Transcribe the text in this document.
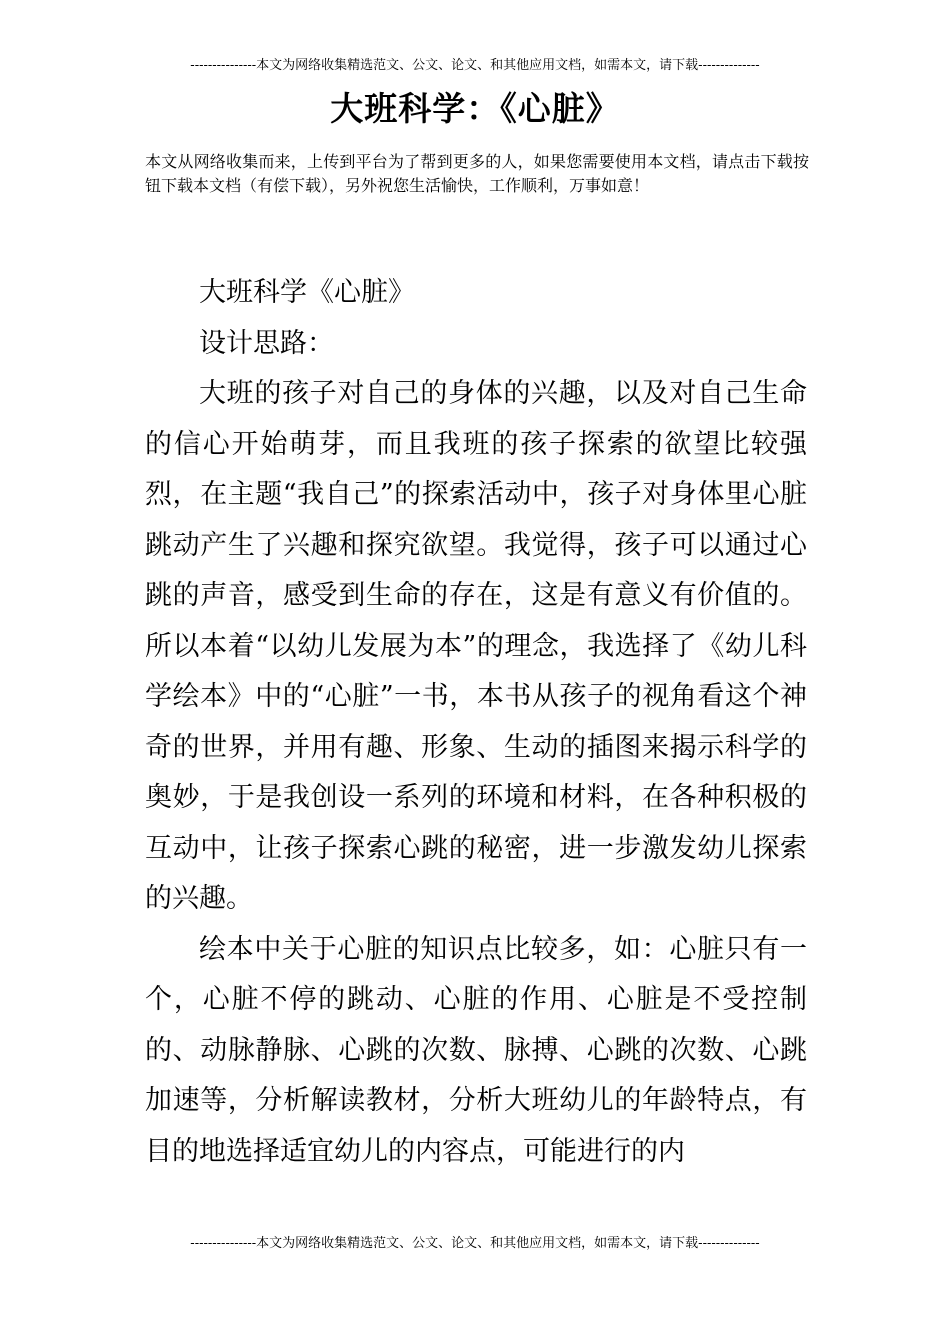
---------------本文为网络收集精选范文、公文、论文、和其他应用文档，如需本文，请下载--------------
大班科学：《心脏》
本文从网络收集而来，上传到平台为了帮到更多的人，如果您需要使用本文档，请点击下载按钮下载本文档（有偿下载），另外祝您生活愉快，工作顺利，万事如意！

大班科学《心脏》

设计思路：

大班的孩子对自己的身体的兴趣，以及对自己生命的信心开始萌芽，而且我班的孩子探索的欲望比较强烈，在主题“我自己”的探索活动中，孩子对身体里心脏跳动产生了兴趣和探究欲望。我觉得，孩子可以通过心跳的声音，感受到生命的存在，这是有意义有价值的。所以本着“以幼儿发展为本”的理念，我选择了《幼儿科学绘本》中的“心脏”一书，本书从孩子的视角看这个神奇的世界，并用有趣、形象、生动的插图来揭示科学的奥妙，于是我创设一系列的环境和材料，在各种积极的互动中，让孩子探索心跳的秘密，进一步激发幼儿探索的兴趣。

绘本中关于心脏的知识点比较多，如：心脏只有一个，心脏不停的跳动、心脏的作用、心脏是不受控制的、动脉静脉、心跳的次数、脉搏、心跳的次数、心跳加速等，分析解读教材，分析大班幼儿的年龄特点，有目的地选择适宜幼儿的内容点，可能进行的内

---------------本文为网络收集精选范文、公文、论文、和其他应用文档，如需本文，请下载--------------
